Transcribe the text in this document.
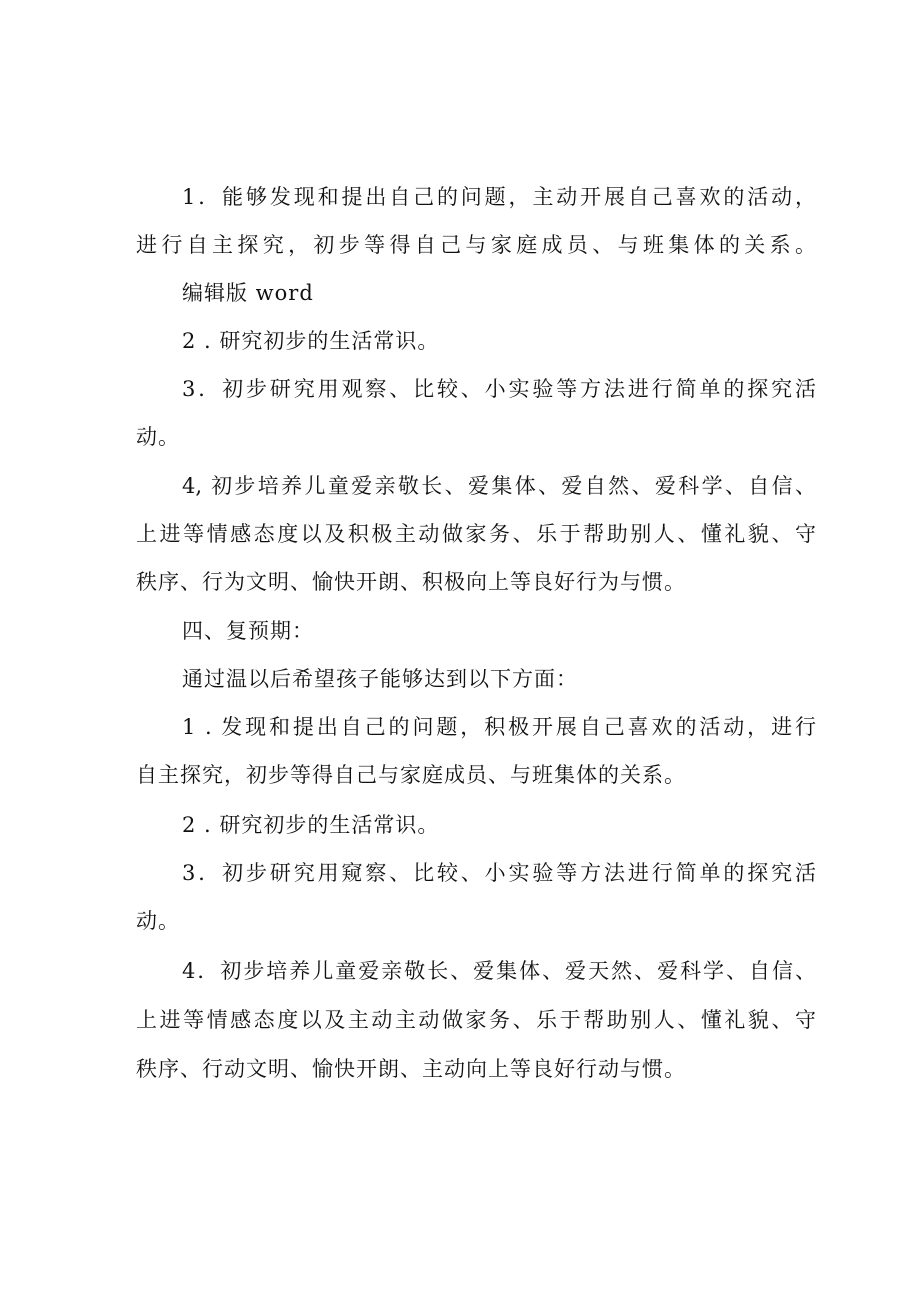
1．能够发现和提出自己的问题，主动开展自己喜欢的活动，
进行自主探究，初步等得自己与家庭成员、与班集体的关系。
编辑版 word
2 . 研究初步的生活常识。
3．初步研究用观察、比较、小实验等方法进行简单的探究活
动。
4, 初步培养儿童爱亲敬长、爱集体、爱自然、爱科学、自信、
上进等情感态度以及积极主动做家务、乐于帮助别人、懂礼貌、守
秩序、行为文明、愉快开朗、积极向上等良好行为与惯。
四、复预期：
通过温以后希望孩子能够达到以下方面：
1 . 发现和提出自己的问题，积极开展自己喜欢的活动，进行
自主探究，初步等得自己与家庭成员、与班集体的关系。
2 . 研究初步的生活常识。
3．初步研究用窥察、比较、小实验等方法进行简单的探究活
动。
4．初步培养儿童爱亲敬长、爱集体、爱天然、爱科学、自信、
上进等情感态度以及主动主动做家务、乐于帮助别人、懂礼貌、守
秩序、行动文明、愉快开朗、主动向上等良好行动与惯。
